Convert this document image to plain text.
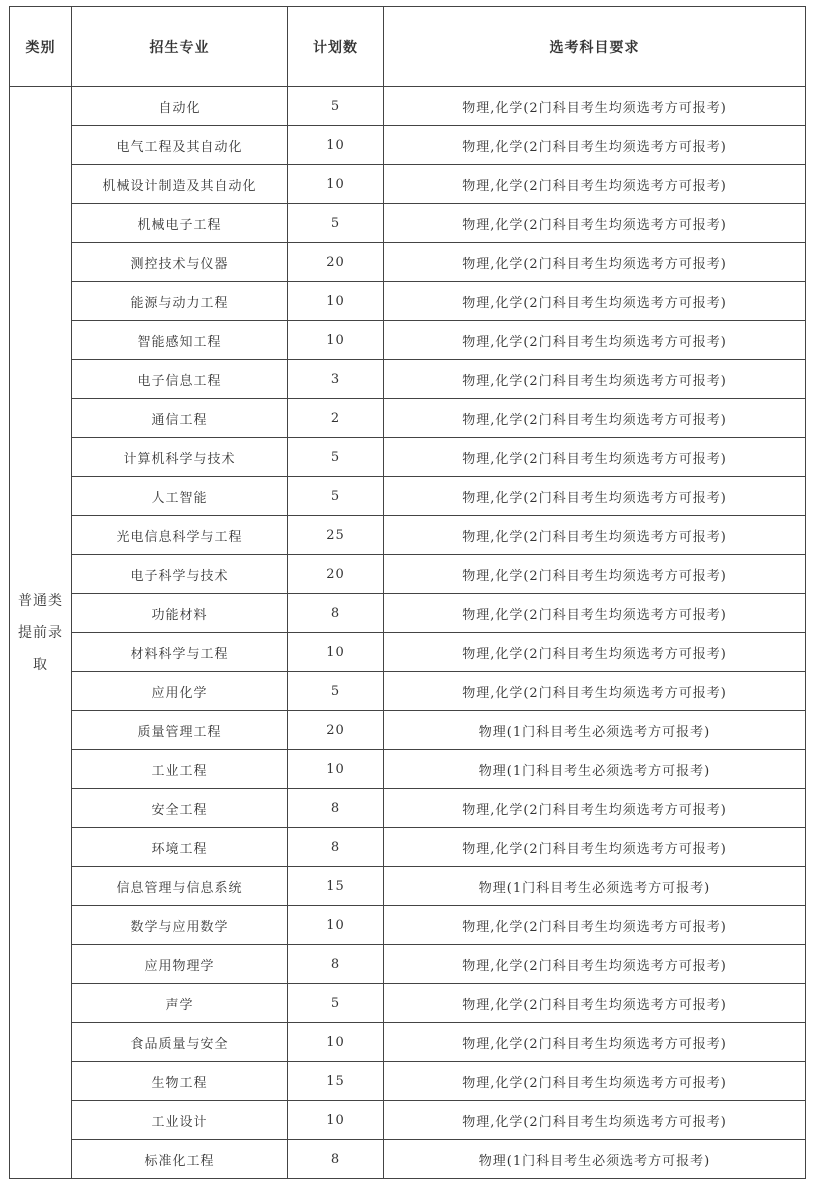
类别	招生专业	计划数	选考科目要求
普通类提前录取	自动化	5	物理,化学(2门科目考生均须选考方可报考)
	电气工程及其自动化	10	物理,化学(2门科目考生均须选考方可报考)
	机械设计制造及其自动化	10	物理,化学(2门科目考生均须选考方可报考)
	机械电子工程	5	物理,化学(2门科目考生均须选考方可报考)
	测控技术与仪器	20	物理,化学(2门科目考生均须选考方可报考)
	能源与动力工程	10	物理,化学(2门科目考生均须选考方可报考)
	智能感知工程	10	物理,化学(2门科目考生均须选考方可报考)
	电子信息工程	3	物理,化学(2门科目考生均须选考方可报考)
	通信工程	2	物理,化学(2门科目考生均须选考方可报考)
	计算机科学与技术	5	物理,化学(2门科目考生均须选考方可报考)
	人工智能	5	物理,化学(2门科目考生均须选考方可报考)
	光电信息科学与工程	25	物理,化学(2门科目考生均须选考方可报考)
	电子科学与技术	20	物理,化学(2门科目考生均须选考方可报考)
	功能材料	8	物理,化学(2门科目考生均须选考方可报考)
	材料科学与工程	10	物理,化学(2门科目考生均须选考方可报考)
	应用化学	5	物理,化学(2门科目考生均须选考方可报考)
	质量管理工程	20	物理(1门科目考生必须选考方可报考)
	工业工程	10	物理(1门科目考生必须选考方可报考)
	安全工程	8	物理,化学(2门科目考生均须选考方可报考)
	环境工程	8	物理,化学(2门科目考生均须选考方可报考)
	信息管理与信息系统	15	物理(1门科目考生必须选考方可报考)
	数学与应用数学	10	物理,化学(2门科目考生均须选考方可报考)
	应用物理学	8	物理,化学(2门科目考生均须选考方可报考)
	声学	5	物理,化学(2门科目考生均须选考方可报考)
	食品质量与安全	10	物理,化学(2门科目考生均须选考方可报考)
	生物工程	15	物理,化学(2门科目考生均须选考方可报考)
	工业设计	10	物理,化学(2门科目考生均须选考方可报考)
	标准化工程	8	物理(1门科目考生必须选考方可报考)
